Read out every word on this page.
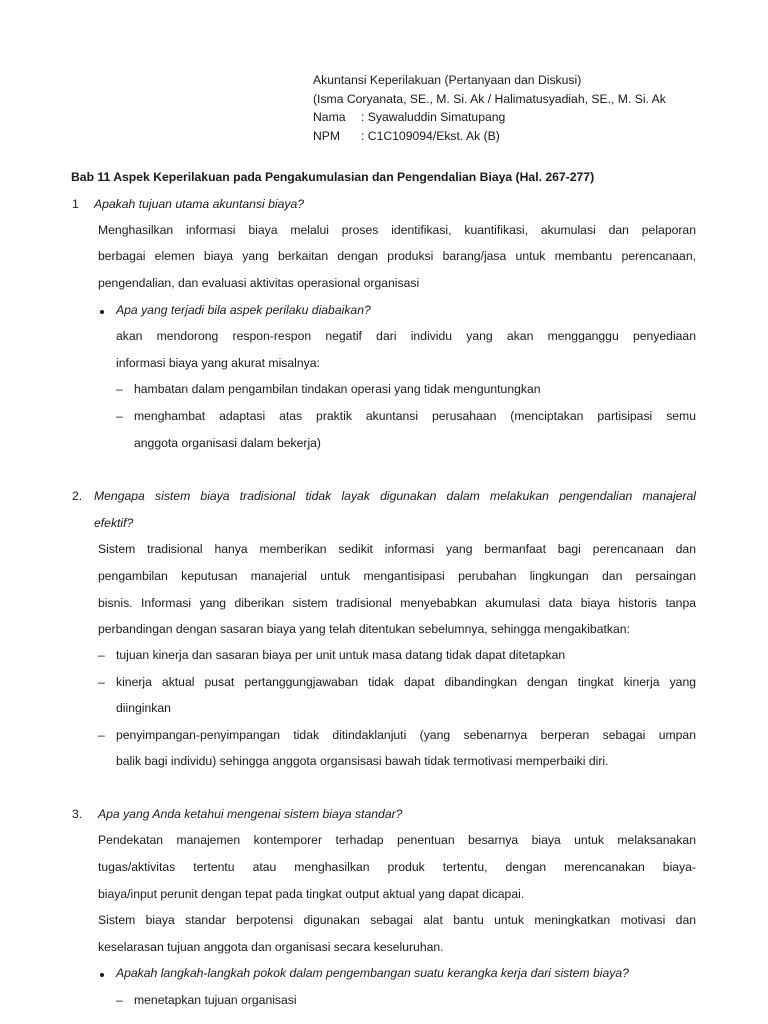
Akuntansi Keperilakuan (Pertanyaan dan Diskusi)
(Isma Coryanata, SE., M. Si. Ak / Halimatusyadiah, SE., M. Si. Ak
Nama : Syawaluddin Simatupang
NPM : C1C109094/Ekst. Ak (B)
Bab 11 Aspek Keperilakuan pada Pengakumulasian dan Pengendalian Biaya (Hal. 267-277)
1 Apakah tujuan utama akuntansi biaya?
Menghasilkan informasi biaya melalui proses identifikasi, kuantifikasi, akumulasi dan pelaporan
berbagai elemen biaya yang berkaitan dengan produksi barang/jasa untuk membantu perencanaan,
pengendalian, dan evaluasi aktivitas operasional organisasi
Apa yang terjadi bila aspek perilaku diabaikan?
akan mendorong respon-respon negatif dari individu yang akan mengganggu penyediaan
informasi biaya yang akurat misalnya:
– hambatan dalam pengambilan tindakan operasi yang tidak menguntungkan
– menghambat adaptasi atas praktik akuntansi perusahaan (menciptakan partisipasi semu
anggota organisasi dalam bekerja)
2. Mengapa sistem biaya tradisional tidak layak digunakan dalam melakukan pengendalian manajeral
efektif?
Sistem tradisional hanya memberikan sedikit informasi yang bermanfaat bagi perencanaan dan
pengambilan keputusan manajerial untuk mengantisipasi perubahan lingkungan dan persaingan
bisnis. Informasi yang diberikan sistem tradisional menyebabkan akumulasi data biaya historis tanpa
perbandingan dengan sasaran biaya yang telah ditentukan sebelumnya, sehingga mengakibatkan:
– tujuan kinerja dan sasaran biaya per unit untuk masa datang tidak dapat ditetapkan
– kinerja aktual pusat pertanggungjawaban tidak dapat dibandingkan dengan tingkat kinerja yang
diinginkan
– penyimpangan-penyimpangan tidak ditindaklanjuti (yang sebenarnya berperan sebagai umpan
balik bagi individu) sehingga anggota organsisasi bawah tidak termotivasi memperbaiki diri.
3. Apa yang Anda ketahui mengenai sistem biaya standar?
Pendekatan manajemen kontemporer terhadap penentuan besarnya biaya untuk melaksanakan
tugas/aktivitas tertentu atau menghasilkan produk tertentu, dengan merencanakan biaya-
biaya/input perunit dengan tepat pada tingkat output aktual yang dapat dicapai.
Sistem biaya standar berpotensi digunakan sebagai alat bantu untuk meningkatkan motivasi dan
keselarasan tujuan anggota dan organisasi secara keseluruhan.
Apakah langkah-langkah pokok dalam pengembangan suatu kerangka kerja dari sistem biaya?
– menetapkan tujuan organisasi
